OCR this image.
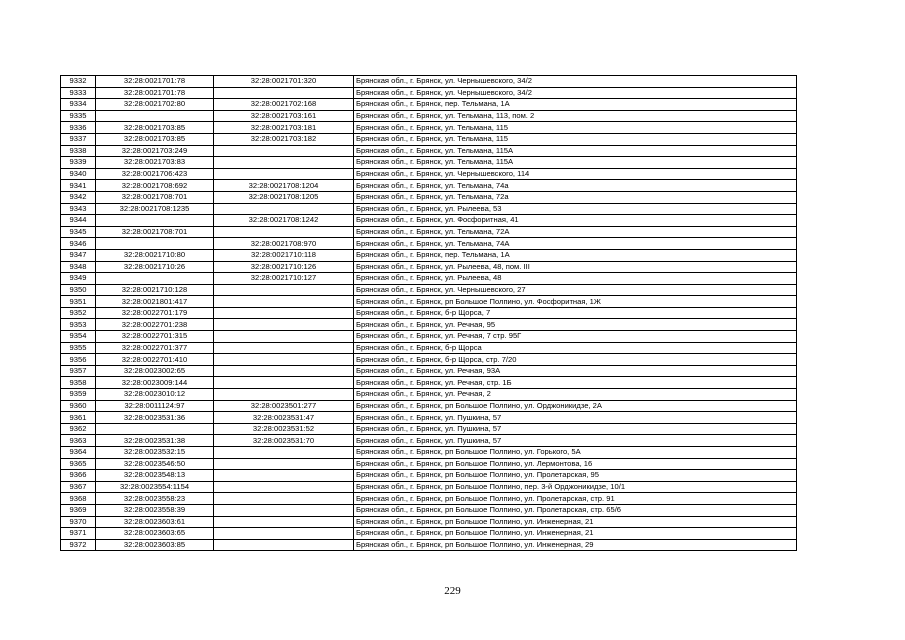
9332	32:28:0021701:78	32:28:0021701:320	Брянская обл., г. Брянск, ул. Чернышевского, 34/2
9333	32:28:0021701:78		Брянская обл., г. Брянск, ул. Чернышевского, 34/2
9334	32:28:0021702:80	32:28:0021702:168	Брянская обл., г. Брянск, пер. Тельмана, 1А
9335		32:28:0021703:161	Брянская обл., г. Брянск, ул. Тельмана, 113, пом. 2
9336	32:28:0021703:85	32:28:0021703:181	Брянская обл., г. Брянск, ул. Тельмана, 115
9337	32:28:0021703:85	32:28:0021703:182	Брянская обл., г. Брянск, ул. Тельмана, 115
9338	32:28:0021703:249		Брянская обл., г. Брянск, ул. Тельмана, 115А
9339	32:28:0021703:83		Брянская обл., г. Брянск, ул. Тельмана, 115А
9340	32:28:0021706:423		Брянская обл., г. Брянск, ул. Чернышевского, 114
9341	32:28:0021708:692	32:28:0021708:1204	Брянская обл., г. Брянск, ул. Тельмана, 74а
9342	32:28:0021708:701	32:28:0021708:1205	Брянская обл., г. Брянск, ул. Тельмана, 72а
9343	32:28:0021708:1235		Брянская обл., г. Брянск, ул. Рылеева, 53
9344		32:28:0021708:1242	Брянская обл., г. Брянск, ул. Фосфоритная, 41
9345	32:28:0021708:701		Брянская обл., г. Брянск, ул. Тельмана, 72А
9346		32:28:0021708:970	Брянская обл., г. Брянск, ул. Тельмана, 74А
9347	32:28:0021710:80	32:28:0021710:118	Брянская обл., г. Брянск, пер. Тельмана, 1А
9348	32:28:0021710:26	32:28:0021710:126	Брянская обл., г. Брянск, ул. Рылеева, 48, пом. III
9349		32:28:0021710:127	Брянская обл., г. Брянск, ул. Рылеева, 48
9350	32:28:0021710:128		Брянская обл., г. Брянск, ул. Чернышевского, 27
9351	32:28:0021801:417		Брянская обл., г. Брянск, рп Большое Полпино, ул. Фосфоритная, 1Ж
9352	32:28:0022701:179		Брянская обл., г. Брянск, б-р Щорса, 7
9353	32:28:0022701:238		Брянская обл., г. Брянск, ул. Речная, 95
9354	32:28:0022701:315		Брянская обл., г. Брянск, ул. Речная, 7 стр. 95Г
9355	32:28:0022701:377		Брянская обл., г. Брянск, б-р Щорса
9356	32:28:0022701:410		Брянская обл., г. Брянск, б-р Щорса, стр. 7/20
9357	32:28:0023002:65		Брянская обл., г. Брянск, ул. Речная, 93А
9358	32:28:0023009:144		Брянская обл., г. Брянск, ул. Речная, стр. 1Б
9359	32:28:0023010:12		Брянская обл., г. Брянск, ул. Речная, 2
9360	32:28:0011124:97	32:28:0023501:277	Брянская обл., г. Брянск, рп Большое Полпино, ул. Орджоникидзе, 2А
9361	32:28:0023531:36	32:28:0023531:47	Брянская обл., г. Брянск, ул. Пушкина, 57
9362		32:28:0023531:52	Брянская обл., г. Брянск, ул. Пушкина, 57
9363	32:28:0023531:38	32:28:0023531:70	Брянская обл., г. Брянск, ул. Пушкина, 57
9364	32:28:0023532:15		Брянская обл., г. Брянск, рп Большое Полпино, ул. Горького, 5А
9365	32:28:0023546:50		Брянская обл., г. Брянск, рп Большое Полпино, ул. Лермонтова, 16
9366	32:28:0023548:13		Брянская обл., г. Брянск, рп Большое Полпино, ул. Пролетарская, 95
9367	32:28:0023554:1154		Брянская обл., г. Брянск, рп Большое Полпино, пер. 3-й Орджоникидзе, 10/1
9368	32:28:0023558:23		Брянская обл., г. Брянск, рп Большое Полпино, ул. Пролетарская, стр. 91
9369	32:28:0023558:39		Брянская обл., г. Брянск, рп Большое Полпино, ул. Пролетарская, стр. 65/6
9370	32:28:0023603:61		Брянская обл., г. Брянск, рп Большое Полпино, ул. Инженерная, 21
9371	32:28:0023603:65		Брянская обл., г. Брянск, рп Большое Полпино, ул. Инженерная, 21
9372	32:28:0023603:85		Брянская обл., г. Брянск, рп Большое Полпино, ул. Инженерная, 29
229
